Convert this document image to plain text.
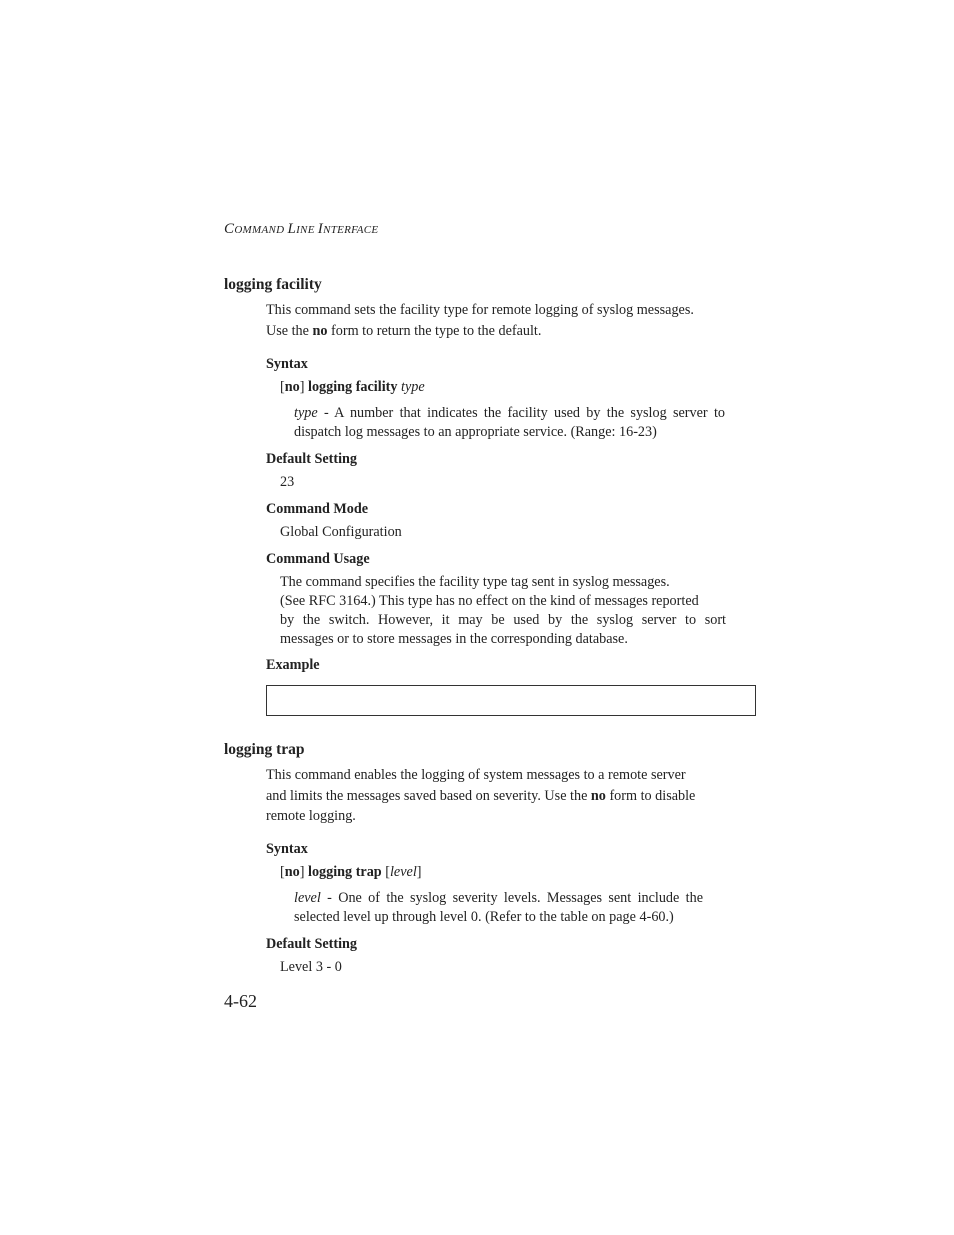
COMMAND LINE INTERFACE
logging facility
This command sets the facility type for remote logging of syslog messages.
Use the no form to return the type to the default.
Syntax
[no] logging facility type
type - A number that indicates the facility used by the syslog server to
dispatch log messages to an appropriate service. (Range: 16-23)
Default Setting
23
Command Mode
Global Configuration
Command Usage
The command specifies the facility type tag sent in syslog messages.
(See RFC 3164.) This type has no effect on the kind of messages reported
by the switch. However, it may be used by the syslog server to sort
messages or to store messages in the corresponding database.
Example
logging trap
This command enables the logging of system messages to a remote server
and limits the messages saved based on severity. Use the no form to disable
remote logging.
Syntax
[no] logging trap [level]
level - One of the syslog severity levels. Messages sent include the
selected level up through level 0. (Refer to the table on page 4-60.)
Default Setting
Level 3 - 0
4-62
